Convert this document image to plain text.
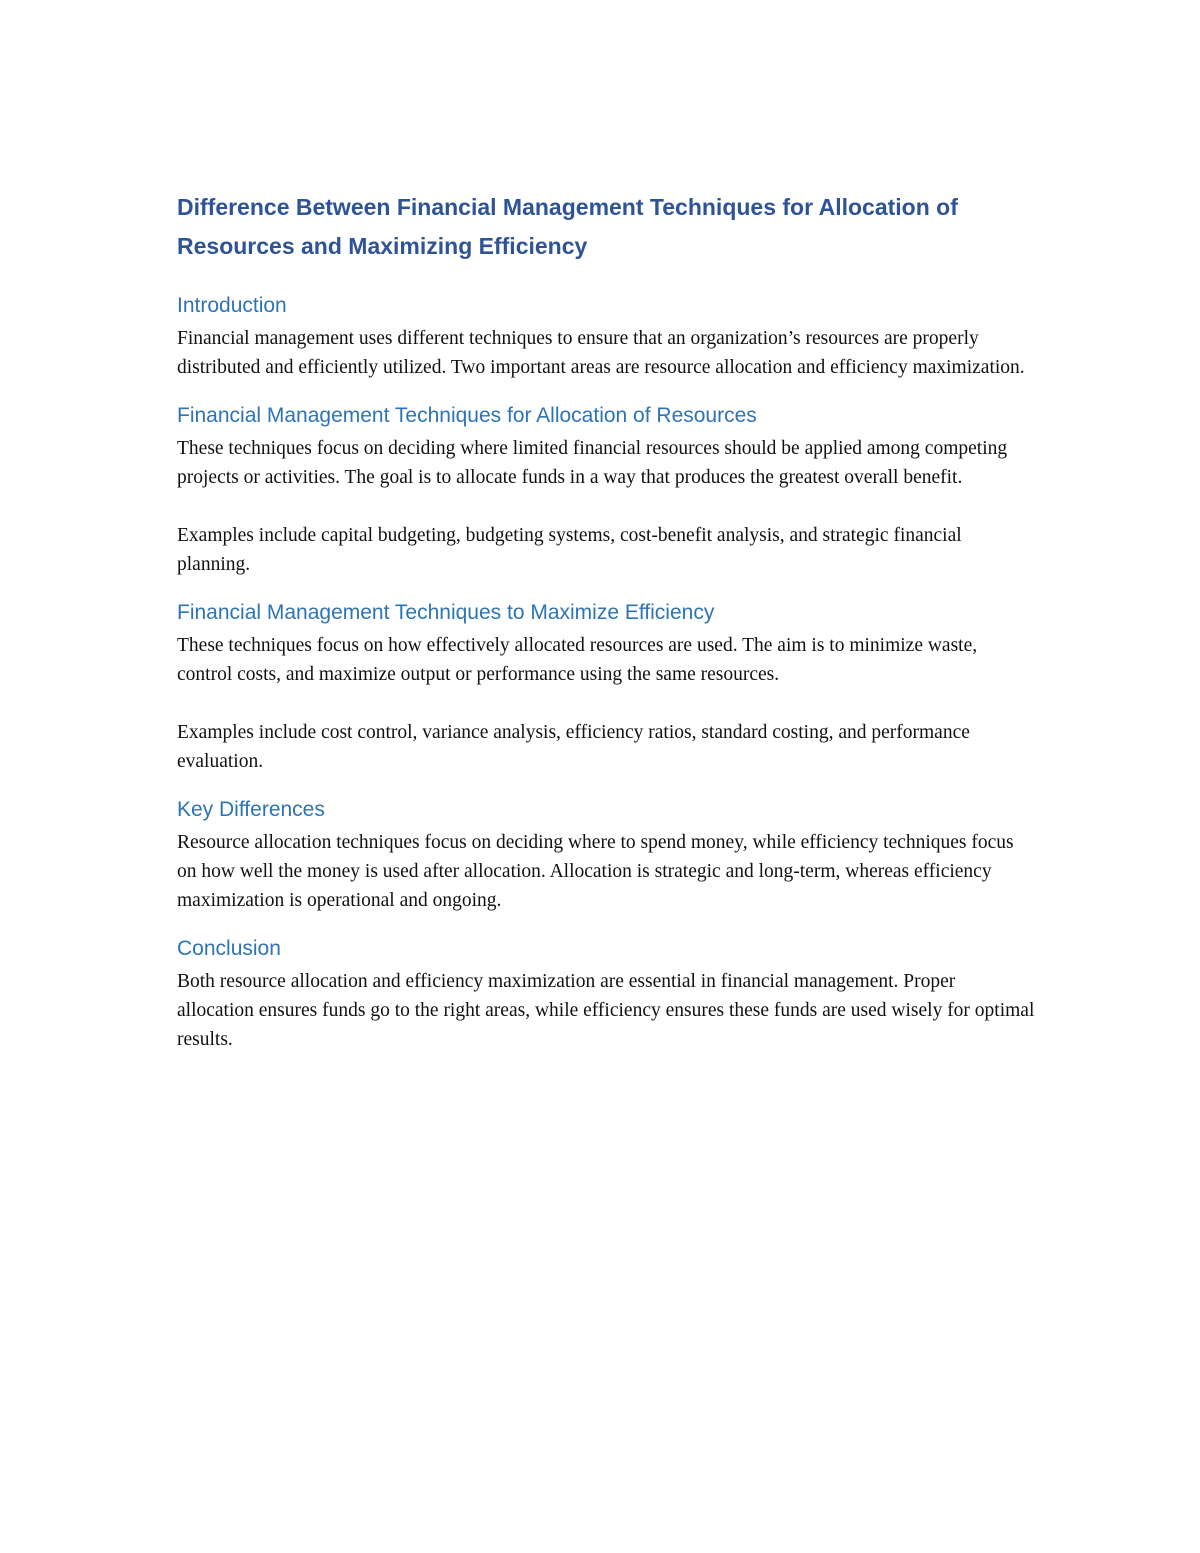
Difference Between Financial Management Techniques for Allocation of Resources and Maximizing Efficiency
Introduction

Financial management uses different techniques to ensure that an organization’s resources are properly distributed and efficiently utilized. Two important areas are resource allocation and efficiency maximization.

Financial Management Techniques for Allocation of Resources

These techniques focus on deciding where limited financial resources should be applied among competing projects or activities. The goal is to allocate funds in a way that produces the greatest overall benefit.

Examples include capital budgeting, budgeting systems, cost-benefit analysis, and strategic financial planning.

Financial Management Techniques to Maximize Efficiency

These techniques focus on how effectively allocated resources are used. The aim is to minimize waste, control costs, and maximize output or performance using the same resources.

Examples include cost control, variance analysis, efficiency ratios, standard costing, and performance evaluation.

Key Differences

Resource allocation techniques focus on deciding where to spend money, while efficiency techniques focus on how well the money is used after allocation. Allocation is strategic and long-term, whereas efficiency maximization is operational and ongoing.

Conclusion

Both resource allocation and efficiency maximization are essential in financial management. Proper allocation ensures funds go to the right areas, while efficiency ensures these funds are used wisely for optimal results.
